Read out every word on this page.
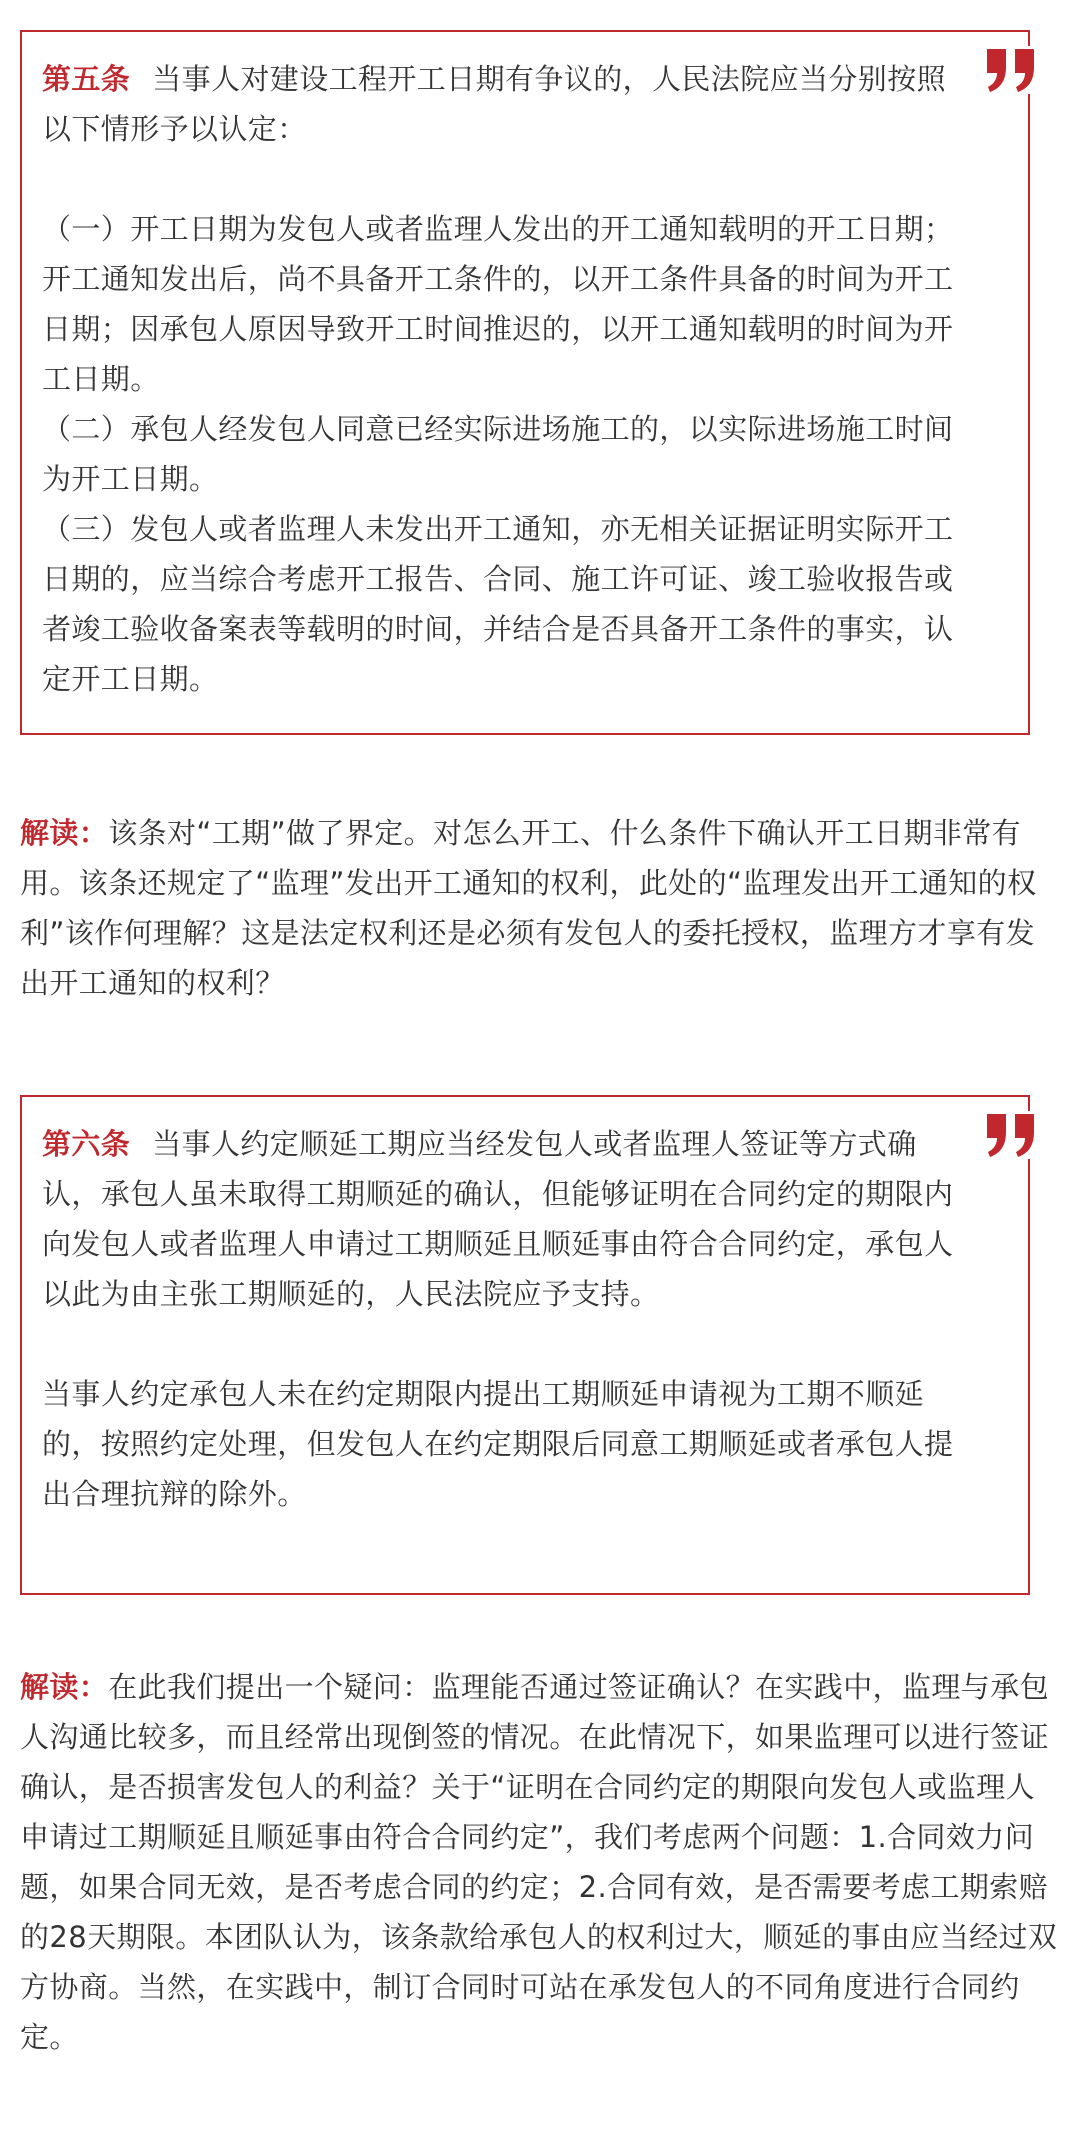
第五条 当事人对建设工程开工日期有争议的，人民法院应当分别按照以下情形予以认定：

（一）开工日期为发包人或者监理人发出的开工通知载明的开工日期；开工通知发出后，尚不具备开工条件的，以开工条件具备的时间为开工日期；因承包人原因导致开工时间推迟的，以开工通知载明的时间为开工日期。

（二）承包人经发包人同意已经实际进场施工的，以实际进场施工时间为开工日期。

（三）发包人或者监理人未发出开工通知，亦无相关证据证明实际开工日期的，应当综合考虑开工报告、合同、施工许可证、竣工验收报告或者竣工验收备案表等载明的时间，并结合是否具备开工条件的事实，认定开工日期。

解读：该条对“工期”做了界定。对怎么开工、什么条件下确认开工日期非常有用。该条还规定了“监理”发出开工通知的权利，此处的“监理发出开工通知的权利”该作何理解？这是法定权利还是必须有发包人的委托授权，监理方才享有发出开工通知的权利？

第六条 当事人约定顺延工期应当经发包人或者监理人签证等方式确认，承包人虽未取得工期顺延的确认，但能够证明在合同约定的期限内向发包人或者监理人申请过工期顺延且顺延事由符合合同约定，承包人以此为由主张工期顺延的，人民法院应予支持。

当事人约定承包人未在约定期限内提出工期顺延申请视为工期不顺延的，按照约定处理，但发包人在约定期限后同意工期顺延或者承包人提出合理抗辩的除外。

解读：在此我们提出一个疑问：监理能否通过签证确认？在实践中，监理与承包人沟通比较多，而且经常出现倒签的情况。在此情况下，如果监理可以进行签证确认，是否损害发包人的利益？关于“证明在合同约定的期限向发包人或监理人申请过工期顺延且顺延事由符合合同约定”，我们考虑两个问题：1.合同效力问题，如果合同无效，是否考虑合同的约定；2.合同有效，是否需要考虑工期索赔的28天期限。本团队认为，该条款给承包人的权利过大，顺延的事由应当经过双方协商。当然，在实践中，制订合同时可站在承发包人的不同角度进行合同约定。
